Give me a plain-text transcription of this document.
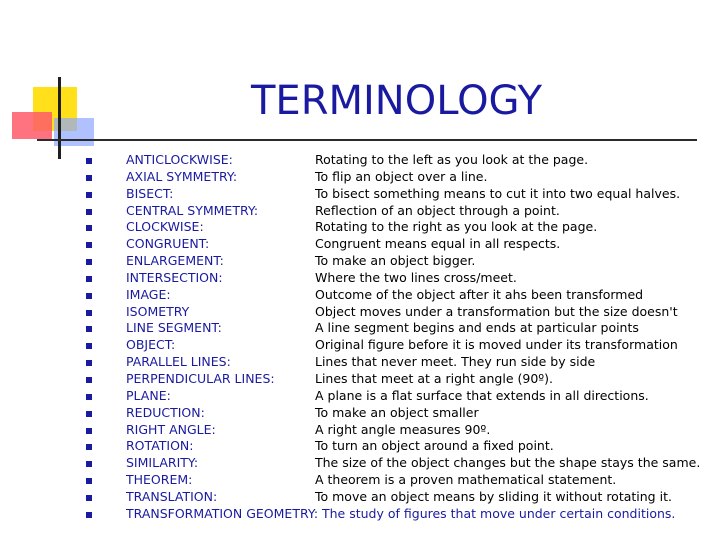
TERMINOLOGY
ANTICLOCKWISE:	Rotating to the left as you look at the page.
AXIAL SYMMETRY:	To flip an object over a line.
BISECT:	To bisect something means to cut it into two equal halves.
CENTRAL SYMMETRY:	Reflection of an object through a point.
CLOCKWISE:	Rotating to the right as you look at the page.
CONGRUENT:	Congruent means equal in all respects.
ENLARGEMENT:	To make an object bigger.
INTERSECTION:	Where the two lines cross/meet.
IMAGE:	Outcome of the object after it ahs been transformed
ISOMETRY	Object moves under a transformation but the size doesn't
LINE SEGMENT:	A line segment begins and ends at particular points
OBJECT:	Original figure before it is moved under its transformation
PARALLEL LINES:	Lines that never meet. They run side by side
PERPENDICULAR LINES:	Lines that meet at a right angle (90º).
PLANE:	A plane is a flat surface that extends in all directions.
REDUCTION:	To make an object smaller
RIGHT ANGLE:	A right angle measures 90º.
ROTATION:	To turn an object around a fixed point.
SIMILARITY:	The size of the object changes but the shape stays the same.
THEOREM:	A theorem is a proven mathematical statement.
TRANSLATION:	To move an object means by sliding it without rotating it.
TRANSFORMATION GEOMETRY: The study of figures that move under certain conditions.
